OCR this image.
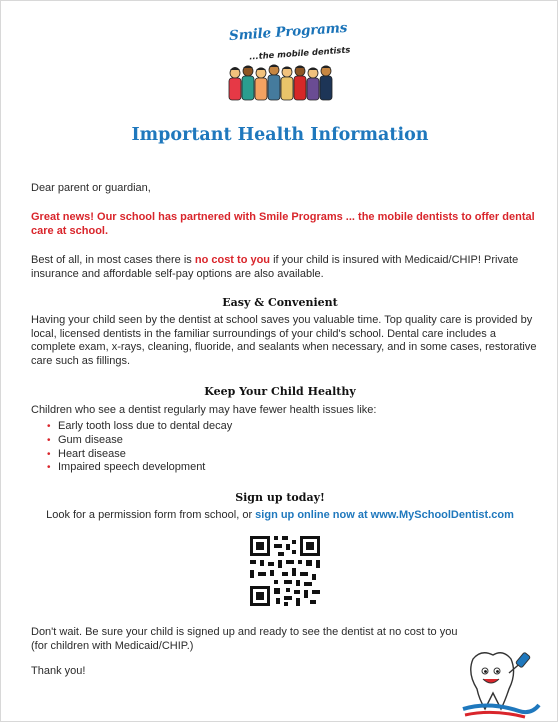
Smile Programs
...the mobile dentists
Important Health Information
Dear parent or guardian,
Great news! Our school has partnered with Smile Programs ... the mobile dentists to offer dental care at school.
Best of all, in most cases there is no cost to you if your child is insured with Medicaid/CHIP! Private insurance and affordable self-pay options are also available.
Easy & Convenient
Having your child seen by the dentist at school saves you valuable time. Top quality care is provided by local, licensed dentists in the familiar surroundings of your child's school. Dental care includes a complete exam, x-rays, cleaning, fluoride, and sealants when necessary, and in some cases, restorative care such as fillings.
Keep Your Child Healthy
Children who see a dentist regularly may have fewer health issues like:
• Early tooth loss due to dental decay
• Gum disease
• Heart disease
• Impaired speech development
Sign up today!
Look for a permission form from school, or sign up online now at www.MySchoolDentist.com
Don't wait. Be sure your child is signed up and ready to see the dentist at no cost to you
(for children with Medicaid/CHIP.)
Thank you!
